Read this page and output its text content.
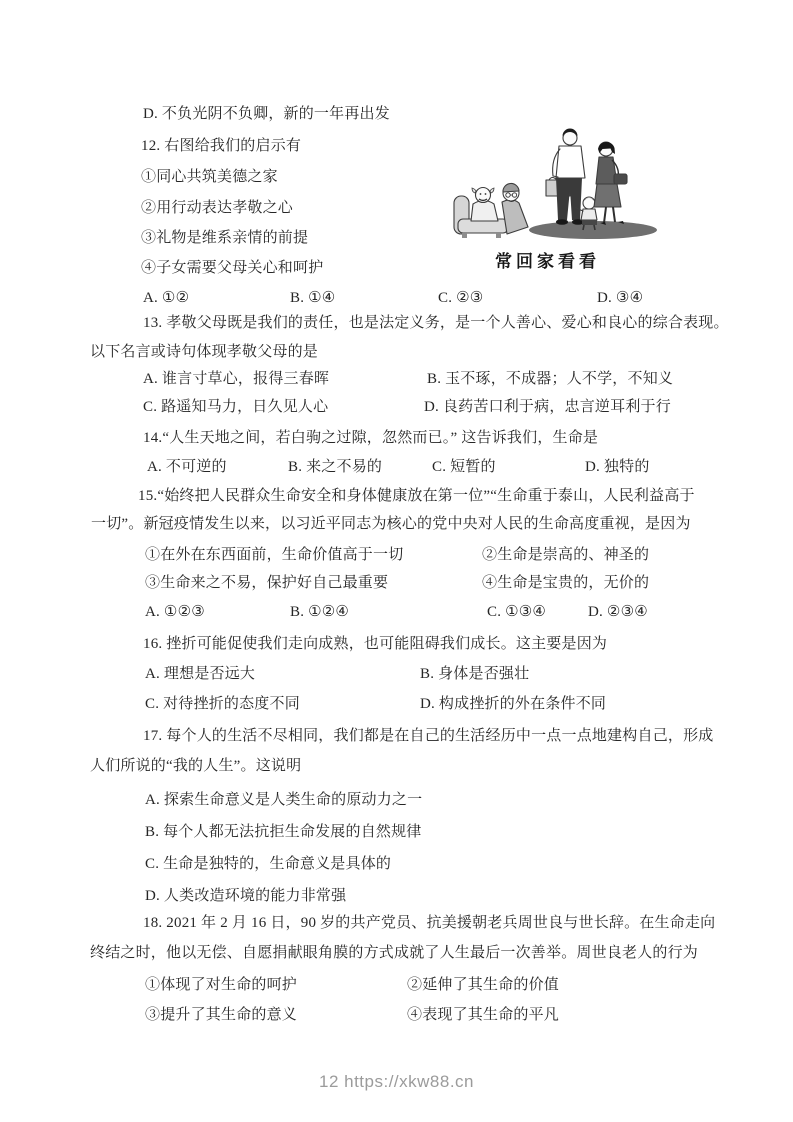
D. 不负光阴不负卿，新的一年再出发
12. 右图给我们的启示有
①同心共筑美德之家
②用行动表达孝敬之心
③礼物是维系亲情的前提
④子女需要父母关心和呵护
A. ①②	B. ①④	C. ②③	D. ③④
13. 孝敬父母既是我们的责任，也是法定义务，是一个人善心、爱心和良心的综合表现。
以下名言或诗句体现孝敬父母的是
A. 谁言寸草心，报得三春晖	B. 玉不琢，不成器；人不学，不知义
C. 路遥知马力，日久见人心	D. 良药苦口利于病，忠言逆耳利于行
14.“人生天地之间，若白驹之过隙，忽然而已。” 这告诉我们，生命是
A. 不可逆的	B. 来之不易的	C. 短暂的	D. 独特的
15.“始终把人民群众生命安全和身体健康放在第一位”“生命重于泰山，人民利益高于
一切”。新冠疫情发生以来，以习近平同志为核心的党中央对人民的生命高度重视，是因为
①在外在东西面前，生命价值高于一切	②生命是崇高的、神圣的
③生命来之不易，保护好自己最重要	④生命是宝贵的，无价的
A. ①②③	B. ①②④	C. ①③④	D. ②③④
16. 挫折可能促使我们走向成熟，也可能阻碍我们成长。这主要是因为
A. 理想是否远大	B. 身体是否强壮
C. 对待挫折的态度不同	D. 构成挫折的外在条件不同
17. 每个人的生活不尽相同，我们都是在自己的生活经历中一点一点地建构自己，形成
人们所说的“我的人生”。这说明
A. 探索生命意义是人类生命的原动力之一
B. 每个人都无法抗拒生命发展的自然规律
C. 生命是独特的，生命意义是具体的
D. 人类改造环境的能力非常强
18. 2021 年 2 月 16 日，90 岁的共产党员、抗美援朝老兵周世良与世长辞。在生命走向
终结之时，他以无偿、自愿捐献眼角膜的方式成就了人生最后一次善举。周世良老人的行为
①体现了对生命的呵护	②延伸了其生命的价值
③提升了其生命的意义	④表现了其生命的平凡
常回家看看
12 https://xkw88.cn
